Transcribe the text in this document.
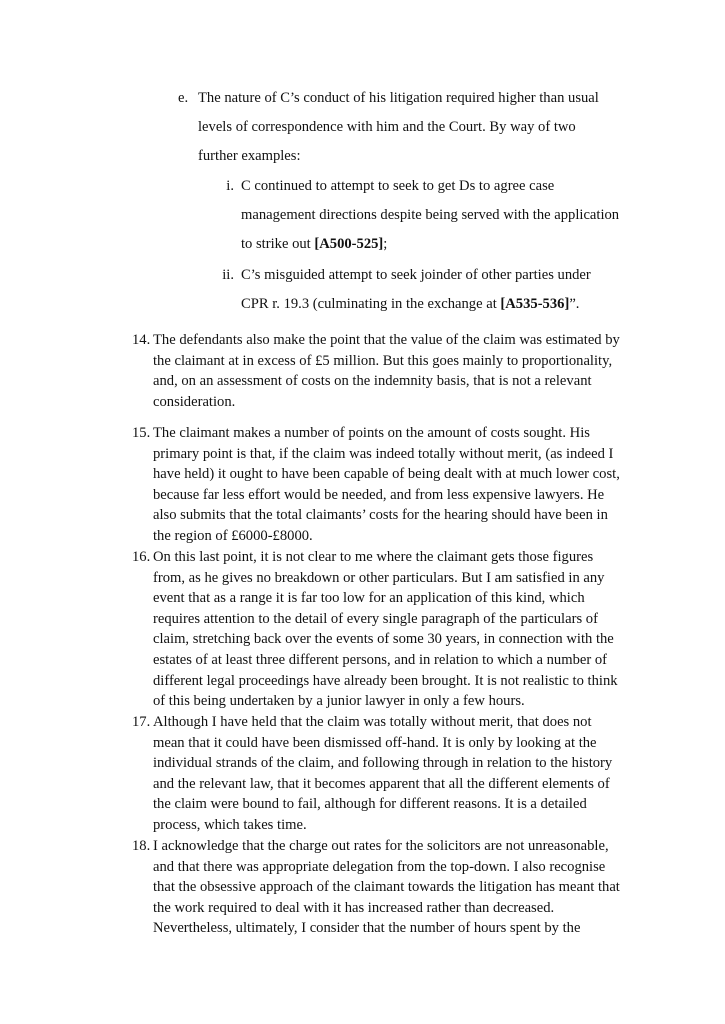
e. The nature of C’s conduct of his litigation required higher than usual levels of correspondence with him and the Court. By way of two further examples:
i. C continued to attempt to seek to get Ds to agree case management directions despite being served with the application to strike out [A500-525];
ii. C’s misguided attempt to seek joinder of other parties under CPR r. 19.3 (culminating in the exchange at [A535-536]”.
14. The defendants also make the point that the value of the claim was estimated by the claimant at in excess of £5 million. But this goes mainly to proportionality, and, on an assessment of costs on the indemnity basis, that is not a relevant consideration.
15. The claimant makes a number of points on the amount of costs sought. His primary point is that, if the claim was indeed totally without merit, (as indeed I have held) it ought to have been capable of being dealt with at much lower cost, because far less effort would be needed, and from less expensive lawyers. He also submits that the total claimants’ costs for the hearing should have been in the region of £6000-£8000.
16. On this last point, it is not clear to me where the claimant gets those figures from, as he gives no breakdown or other particulars. But I am satisfied in any event that as a range it is far too low for an application of this kind, which requires attention to the detail of every single paragraph of the particulars of claim, stretching back over the events of some 30 years, in connection with the estates of at least three different persons, and in relation to which a number of different legal proceedings have already been brought. It is not realistic to think of this being undertaken by a junior lawyer in only a few hours.
17. Although I have held that the claim was totally without merit, that does not mean that it could have been dismissed off-hand. It is only by looking at the individual strands of the claim, and following through in relation to the history and the relevant law, that it becomes apparent that all the different elements of the claim were bound to fail, although for different reasons. It is a detailed process, which takes time.
18. I acknowledge that the charge out rates for the solicitors are not unreasonable, and that there was appropriate delegation from the top-down. I also recognise that the obsessive approach of the claimant towards the litigation has meant that the work required to deal with it has increased rather than decreased. Nevertheless, ultimately, I consider that the number of hours spent by the
